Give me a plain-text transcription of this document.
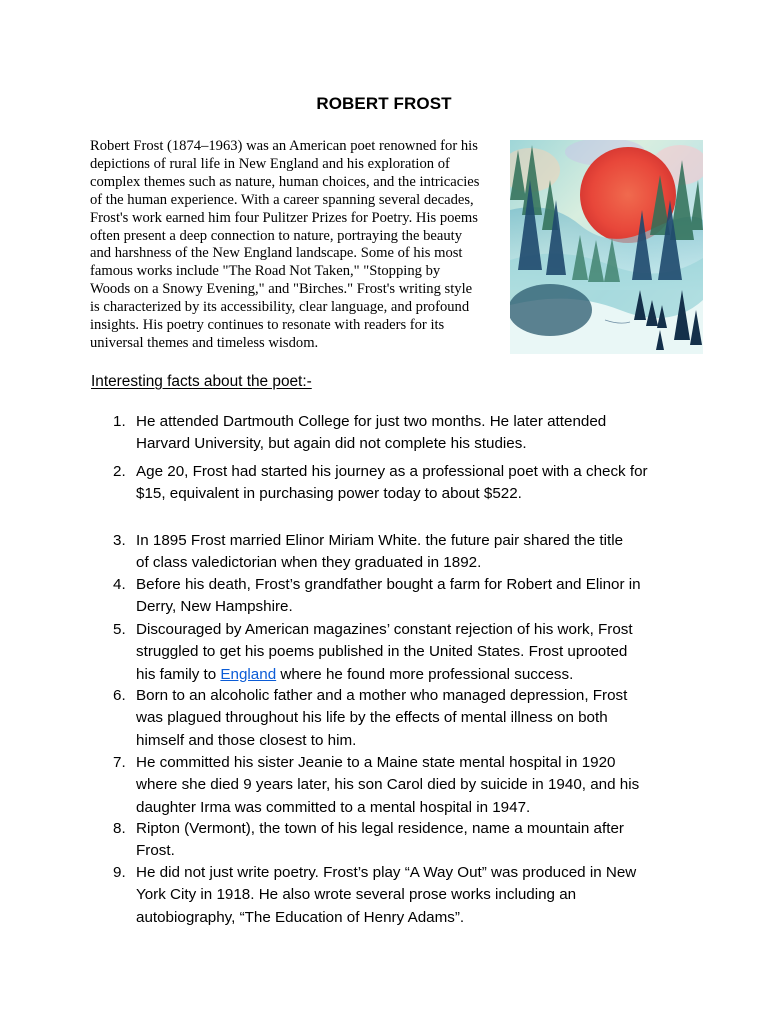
ROBERT FROST

Robert Frost (1874–1963) was an American poet renowned for his
depictions of rural life in New England and his exploration of
complex themes such as nature, human choices, and the intricacies
of the human experience. With a career spanning several decades,
Frost's work earned him four Pulitzer Prizes for Poetry. His poems
often present a deep connection to nature, portraying the beauty
and harshness of the New England landscape. Some of his most
famous works include "The Road Not Taken," "Stopping by
Woods on a Snowy Evening," and "Birches." Frost's writing style
is characterized by its accessibility, clear language, and profound
insights. His poetry continues to resonate with readers for its
universal themes and timeless wisdom.

Interesting facts about the poet:-
1. He attended Dartmouth College for just two months. He later attended
Harvard University, but again did not complete his studies.
2. Age 20, Frost had started his journey as a professional poet with a check for
$15, equivalent in purchasing power today to about $522.
3. In 1895 Frost married Elinor Miriam White. the future pair shared the title
of class valedictorian when they graduated in 1892.
4. Before his death, Frost’s grandfather bought a farm for Robert and Elinor in
Derry, New Hampshire.
5. Discouraged by American magazines’ constant rejection of his work, Frost
struggled to get his poems published in the United States. Frost uprooted
his family to England where he found more professional success.
6. Born to an alcoholic father and a mother who managed depression, Frost
was plagued throughout his life by the effects of mental illness on both
himself and those closest to him.
7. He committed his sister Jeanie to a Maine state mental hospital in 1920
where she died 9 years later, his son Carol died by suicide in 1940, and his
daughter Irma was committed to a mental hospital in 1947.
8. Ripton (Vermont), the town of his legal residence, name a mountain after
Frost.
9. He did not just write poetry. Frost’s play “A Way Out” was produced in New
York City in 1918. He also wrote several prose works including an
autobiography, “The Education of Henry Adams”.
